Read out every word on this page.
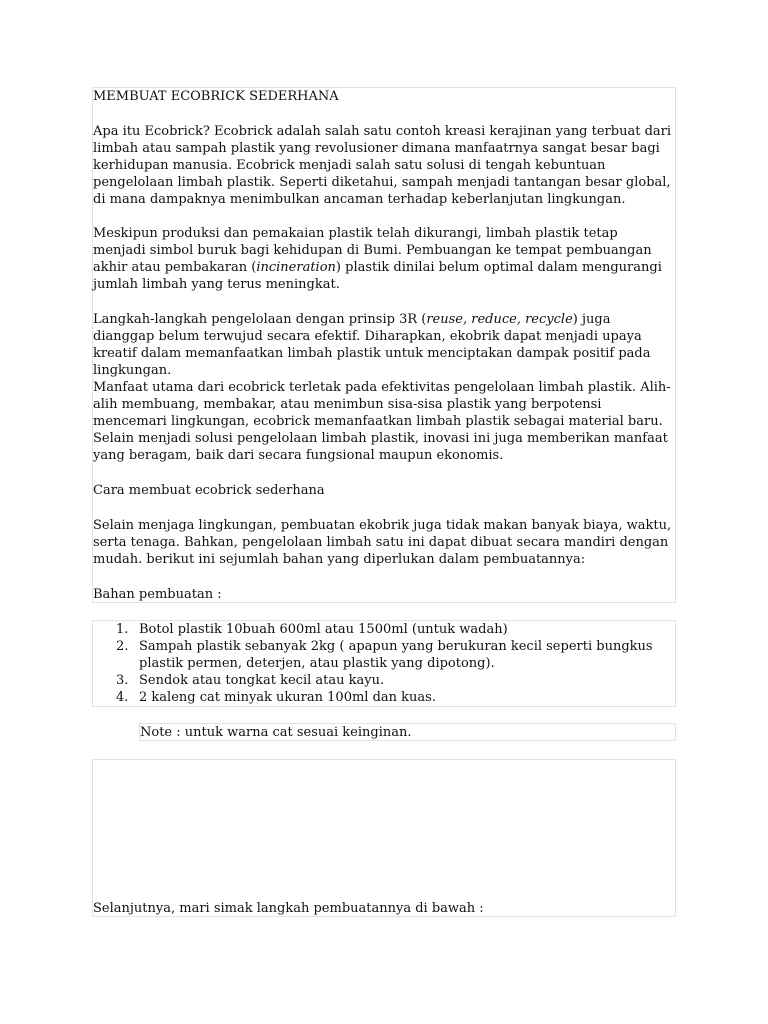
MEMBUAT ECOBRICK SEDERHANA

Apa itu Ecobrick? Ecobrick adalah salah satu contoh kreasi kerajinan yang terbuat dari limbah atau sampah plastik yang revolusioner dimana manfaatrnya sangat besar bagi kerhidupan manusia. Ecobrick menjadi salah satu solusi di tengah kebuntuan pengelolaan limbah plastik. Seperti diketahui, sampah menjadi tantangan besar global, di mana dampaknya menimbulkan ancaman terhadap keberlanjutan lingkungan.

Meskipun produksi dan pemakaian plastik telah dikurangi, limbah plastik tetap menjadi simbol buruk bagi kehidupan di Bumi. Pembuangan ke tempat pembuangan akhir atau pembakaran (incineration) plastik dinilai belum optimal dalam mengurangi jumlah limbah yang terus meningkat.

Langkah-langkah pengelolaan dengan prinsip 3R (reuse, reduce, recycle) juga dianggap belum terwujud secara efektif. Diharapkan, ekobrik dapat menjadi upaya kreatif dalam memanfaatkan limbah plastik untuk menciptakan dampak positif pada lingkungan.

Manfaat utama dari ecobrick terletak pada efektivitas pengelolaan limbah plastik. Alih-alih membuang, membakar, atau menimbun sisa-sisa plastik yang berpotensi mencemari lingkungan, ecobrick memanfaatkan limbah plastik sebagai material baru. Selain menjadi solusi pengelolaan limbah plastik, inovasi ini juga memberikan manfaat yang beragam, baik dari secara fungsional maupun ekonomis.

Cara membuat ecobrick sederhana

Selain menjaga lingkungan, pembuatan ekobrik juga tidak makan banyak biaya, waktu, serta tenaga. Bahkan, pengelolaan limbah satu ini dapat dibuat secara mandiri dengan mudah. berikut ini sejumlah bahan yang diperlukan dalam pembuatannya:

Bahan pembuatan :

1. Botol plastik 10buah 600ml atau 1500ml (untuk wadah)
2. Sampah plastik sebanyak 2kg ( apapun yang berukuran kecil seperti bungkus plastik permen, deterjen, atau plastik yang dipotong).
3. Sendok atau tongkat kecil atau kayu.
4. 2 kaleng cat minyak ukuran 100ml dan kuas.

Note : untuk warna cat sesuai keinginan.

Selanjutnya, mari simak langkah pembuatannya di bawah :
